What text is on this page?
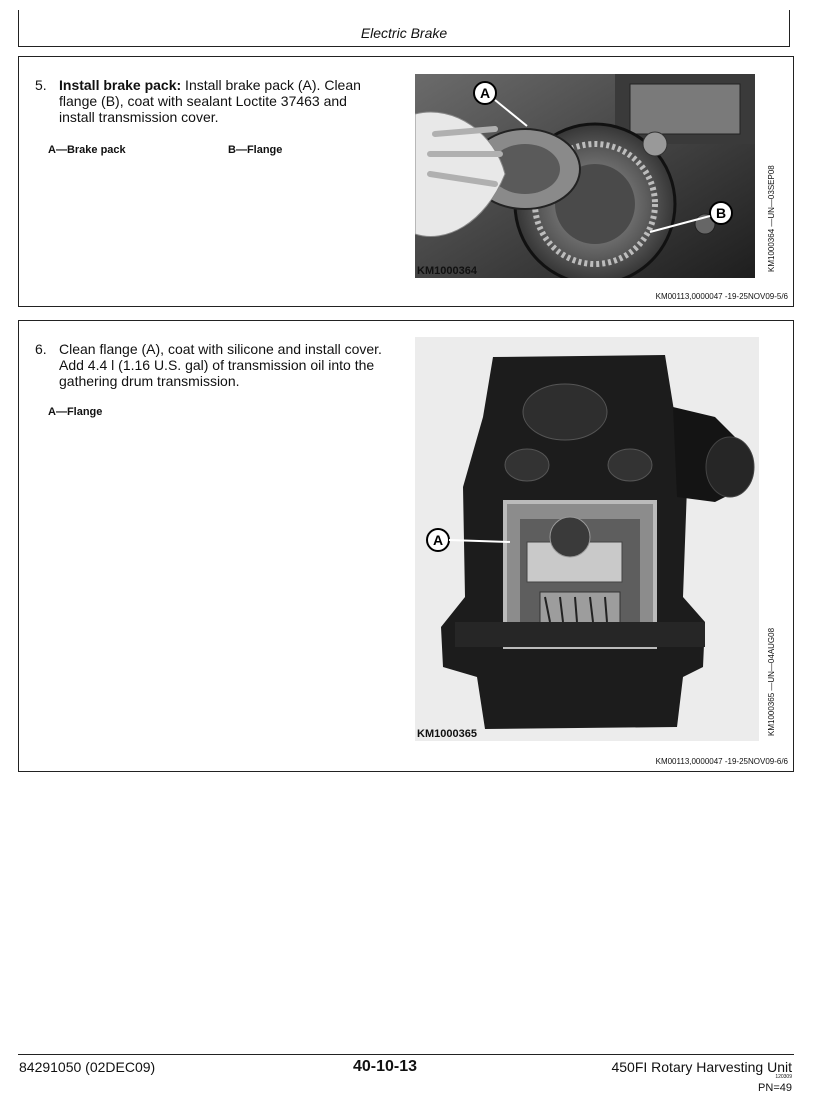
Electric Brake
5. Install brake pack: Install brake pack (A). Clean flange (B), coat with sealant Loctite 37463 and install transmission cover.
A—Brake pack	B—Flange
A
B
KM1000364	KM1000364 —UN—03SEP08
KM00113,0000047 -19-25NOV09-5/6
6. Clean flange (A), coat with silicone and install cover. Add 4.4 l (1.16 U.S. gal) of transmission oil into the gathering drum transmission.
A—Flange
A
KM1000365	KM1000365 —UN—04AUG08
KM00113,0000047 -19-25NOV09-6/6
84291050 (02DEC09)	40-10-13	450FI Rotary Harvesting Unit
120309
PN=49
